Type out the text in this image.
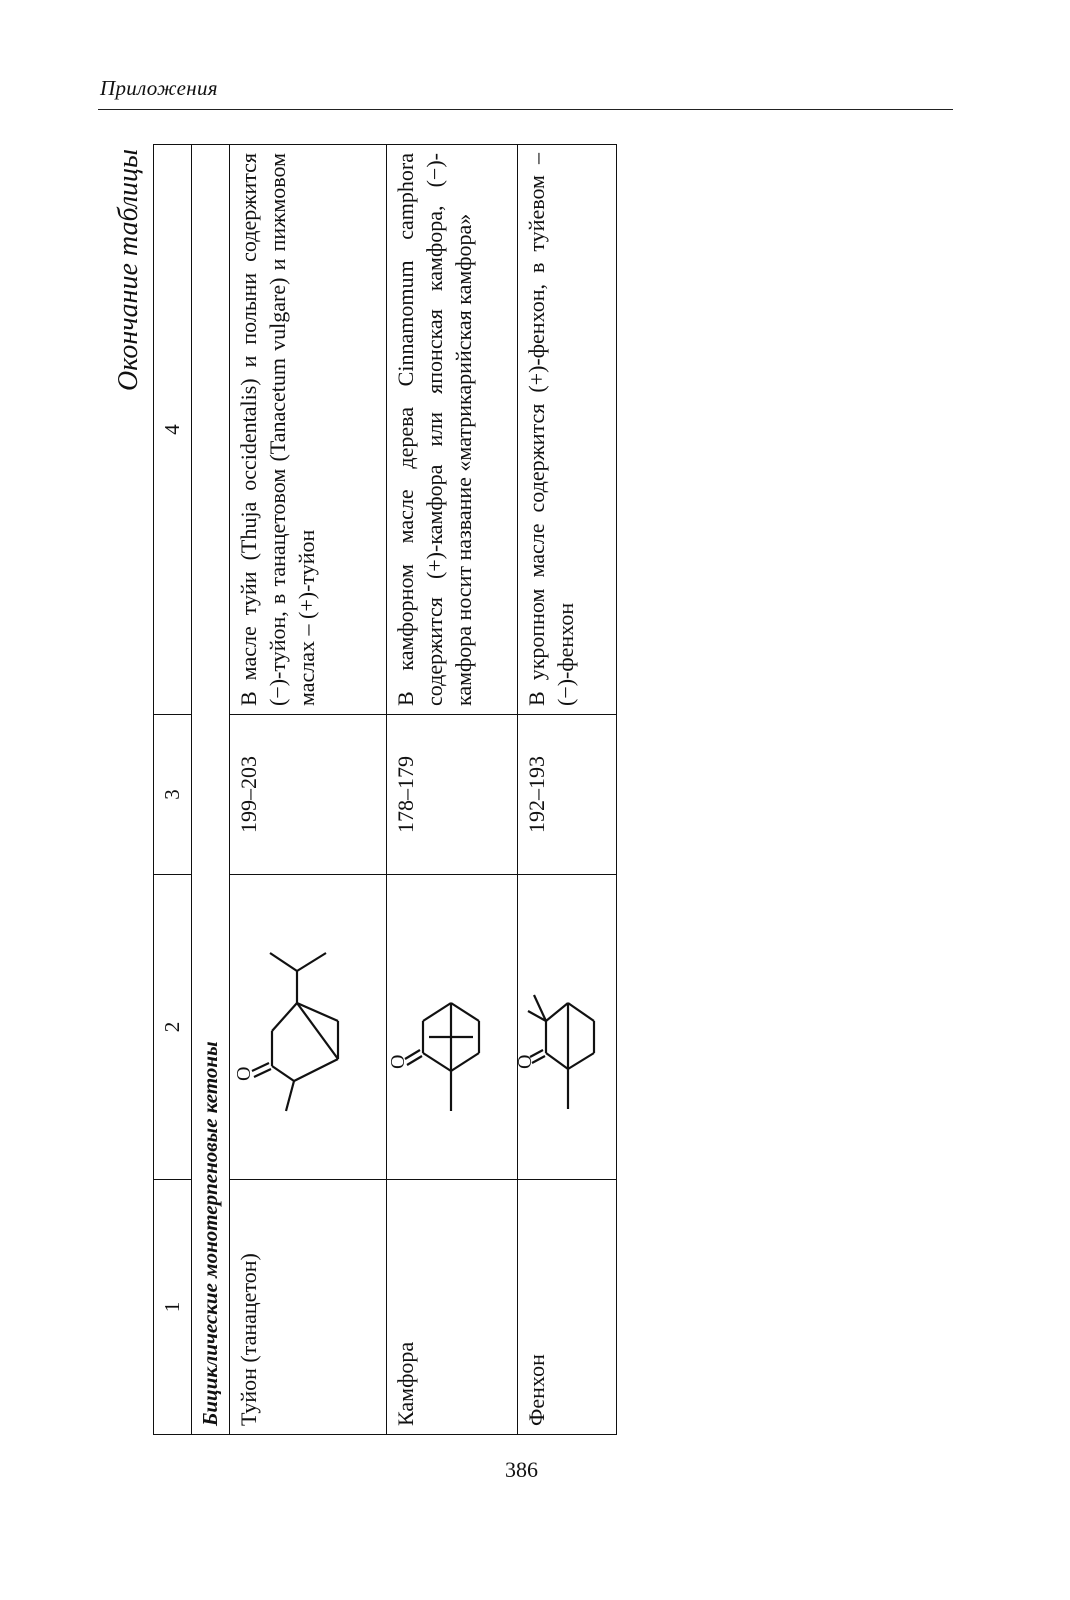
Приложения
Окончание таблицы
1	2	3	4
Бициклические монотерпеновые кетоны			
Туйон (танацетон)	O	199–203	В масле туйи (Thuja occidentalis) и полыни содержится (−)-туйон, в танацетовом (Tanacetum vulgare) и пижмовом маслах – (+)-туйон
Камфора	O	178–179	В камфорном масле дерева Cinnamomum camphora содержится (+)-камфора или японская камфора, (−)-камфора носит название «матрикарийская камфора»
Фенхон	O	192–193	В укропном масле содержится (+)-фенхон, в туйевом – (−)-фенхон
386
